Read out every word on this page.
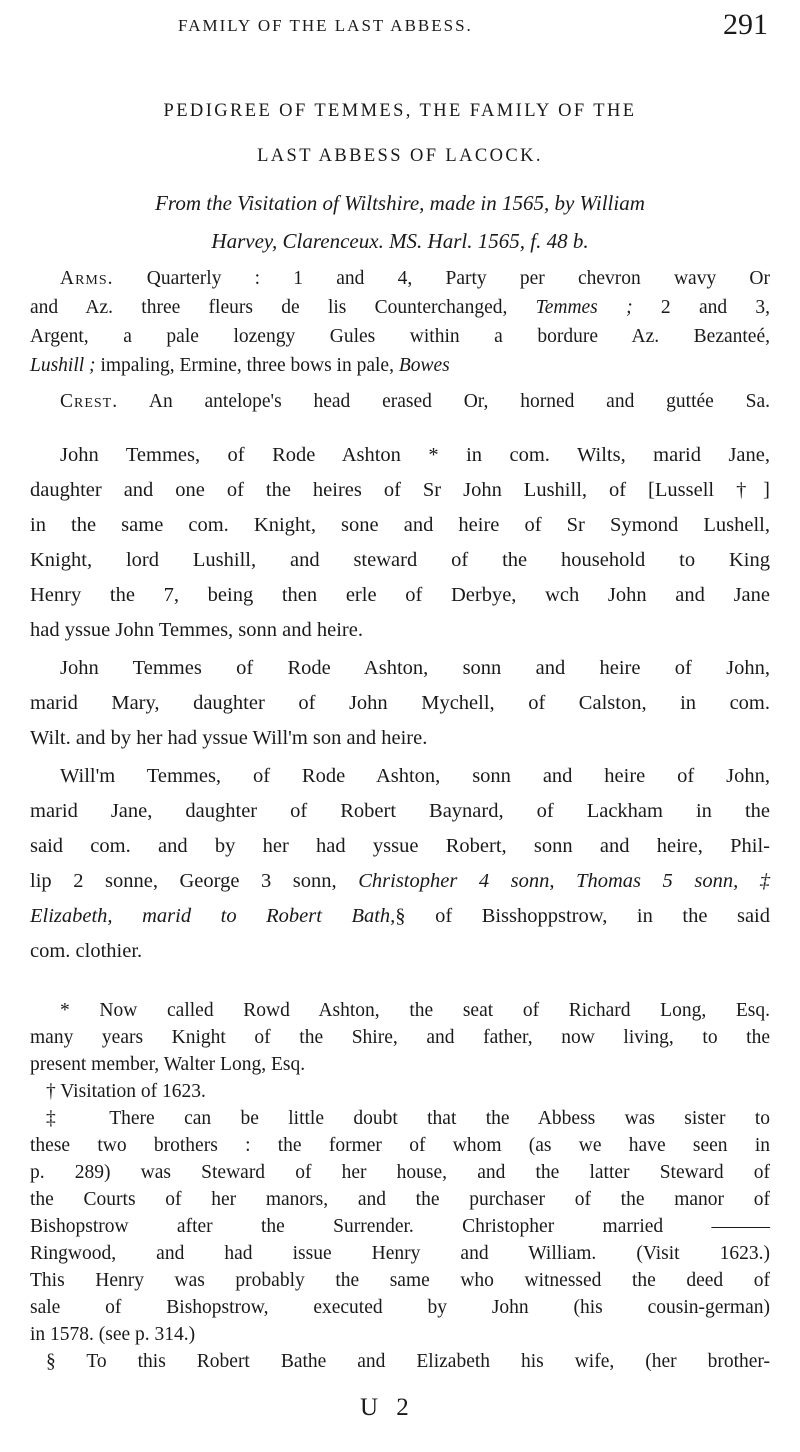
FAMILY OF THE LAST ABBESS.	291
PEDIGREE OF TEMMES, THE FAMILY OF THE
LAST ABBESS OF LACOCK.
From the Visitation of Wiltshire, made in 1565, by William
Harvey, Clarenceux. MS. Harl. 1565, f. 48 b.
Arms. Quarterly : 1 and 4, Party per chevron wavy Or
and Az. three fleurs de lis Counterchanged, Temmes ; 2 and 3,
Argent, a pale lozengy Gules within a bordure Az. Bezanteé,
Lushill ; impaling, Ermine, three bows in pale, Bowes
Crest. An antelope's head erased Or, horned and guttée Sa.
John Temmes, of Rode Ashton * in com. Wilts, marid Jane,
daughter and one of the heires of Sr John Lushill, of [Lussell †]
in the same com. Knight, sone and heire of Sr Symond Lushell,
Knight, lord Lushill, and steward of the household to King
Henry the 7, being then erle of Derbye, wch John and Jane
had yssue John Temmes, sonn and heire.
John Temmes of Rode Ashton, sonn and heire of John,
marid Mary, daughter of John Mychell, of Calston, in com.
Wilt. and by her had yssue Will'm son and heire.
Will'm Temmes, of Rode Ashton, sonn and heire of John,
marid Jane, daughter of Robert Baynard, of Lackham in the
said com. and by her had yssue Robert, sonn and heire, Phil-
lip 2 sonne, George 3 sonn, Christopher 4 sonn, Thomas 5 sonn, ‡
Elizabeth, marid to Robert Bath,§ of Bisshoppstrow, in the said
com. clothier.
* Now called Rowd Ashton, the seat of Richard Long, Esq.
many years Knight of the Shire, and father, now living, to the
present member, Walter Long, Esq.
† Visitation of 1623.
‡ There can be little doubt that the Abbess was sister to
these two brothers : the former of whom (as we have seen in
p. 289) was Steward of her house, and the latter Steward of
the Courts of her manors, and the purchaser of the manor of
Bishopstrow after the Surrender. Christopher married ———
Ringwood, and had issue Henry and William. (Visit 1623.)
This Henry was probably the same who witnessed the deed of
sale of Bishopstrow, executed by John (his cousin-german)
in 1578. (see p. 314.)
§ To this Robert Bathe and Elizabeth his wife, (her brother-
U 2
